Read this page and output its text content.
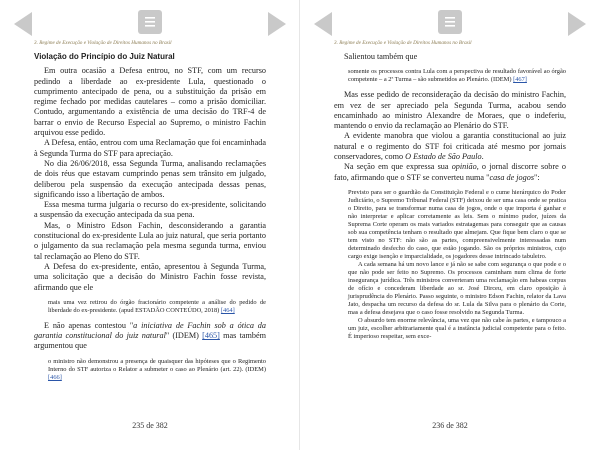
3. Regime de Execução e Violação de Direitos Humanos no Brasil

Violação do Princípio do Juiz Natural

Em outra ocasião a Defesa entrou, no STF, com um recurso pedindo a liberdade ao ex-presidente Lula, questionado o cumprimento antecipado de pena, ou a substituição da prisão em regime fechado por medidas cautelares – como a prisão domiciliar. Contudo, argumentando a existência de uma decisão do TRF-4 de barrar o envio de Recurso Especial ao Supremo, o ministro Fachin arquivou esse pedido.

A Defesa, então, entrou com uma Reclamação que foi encaminhada à Segunda Turma do STF para apreciação.

No dia 26/06/2018, essa Segunda Turma, analisando reclamações de dois réus que estavam cumprindo penas sem trânsito em julgado, deliberou pela suspensão da execução antecipada dessas penas, significando isso a libertação de ambos.

Essa mesma turma julgaria o recurso do ex-presidente, solicitando a suspensão da execução antecipada da sua pena.

Mas, o Ministro Edson Fachin, desconsiderando a garantia constitucional do ex-presidente Lula ao juiz natural, que seria portanto o julgamento da sua reclamação pela mesma segunda turma, enviou tal reclamação ao Pleno do STF.

A Defesa do ex-presidente, então, apresentou à Segunda Turma, uma solicitação que a decisão do Ministro Fachin fosse revista, afirmando que ele

mais uma vez retirou do órgão fracionário competente a análise do pedido de liberdade do ex-presidente. (apud ESTADÃO CONTEÚDO, 2018) [464]

E não apenas contestou "a iniciativa de Fachin sob a ótica da garantia constitucional do juiz natural" (IDEM) [465] mas também argumentou que

o ministro não demonstrou a presença de quaisquer das hipóteses que o Regimento Interno do STF autoriza o Relator a submeter o caso ao Plenário (art. 22). (IDEM) [466]
235 de 382
3. Regime de Execução e Violação de Direitos Humanos no Brasil

Salientou também que

somente os processos contra Lula com a perspectiva de resultado favorável ao órgão competente – a 2ª Turma – são submetidos ao Plenário. (IDEM) [467]

Mas esse pedido de reconsideração da decisão do ministro Fachin, em vez de ser apreciado pela Segunda Turma, acabou sendo encaminhado ao ministro Alexandre de Moraes, que o indeferiu, mantendo o envio da reclamação ao Plenário do STF.

A evidente manobra que violou a garantia constitucional ao juiz natural e o regimento do STF foi criticada até mesmo por jornais conservadores, como O Estado de São Paulo.

Na seção em que expressa sua opinião, o jornal discorre sobre o fato, afirmando que o STF se converteu numa "casa de jogos":

Previsto para ser o guardião da Constituição Federal e o cume hierárquico do Poder Judiciário, o Supremo Tribunal Federal (STF) deixou de ser uma casa onde se pratica o Direito, para se transformar numa casa de jogos, onde o que importa é ganhar e não interpretar e aplicar corretamente as leis. Sem o mínimo pudor, juízes da Suprema Corte operam os mais variados estratagemas para conseguir que as causas sob sua competência tenham o resultado que almejam. Que fique bem claro o que se tem visto no STF: não são as partes, compreensivelmente interessadas num determinado desfecho do caso, que estão jogando. São os próprios ministros, cujo cargo exige isenção e imparcialidade, os jogadores desse intrincado tabuleiro.

A cada semana há um novo lance e já não se sabe com segurança o que pode e o que não pode ser feito no Supremo. Os processos caminham num clima de forte insegurança jurídica. Três ministros converteram uma reclamação em habeas corpus de ofício e concederam liberdade ao sr. José Dirceu, em claro oposição à jurisprudência do Plenário. Passo seguinte, o ministro Edson Fachin, relator da Lava Jato, despacha um recurso da defesa do sr. Lula da Silva para o plenário da Corte, mas a defesa desejava que o caso fosse resolvido na Segunda Turma.

O absurdo tem enorme relevância, uma vez que não cabe às partes, e tampouco a um juiz, escolher arbitrariamente qual é a instância judicial competente para o feito. É imperioso respeitar, sem exce-

236 de 382
